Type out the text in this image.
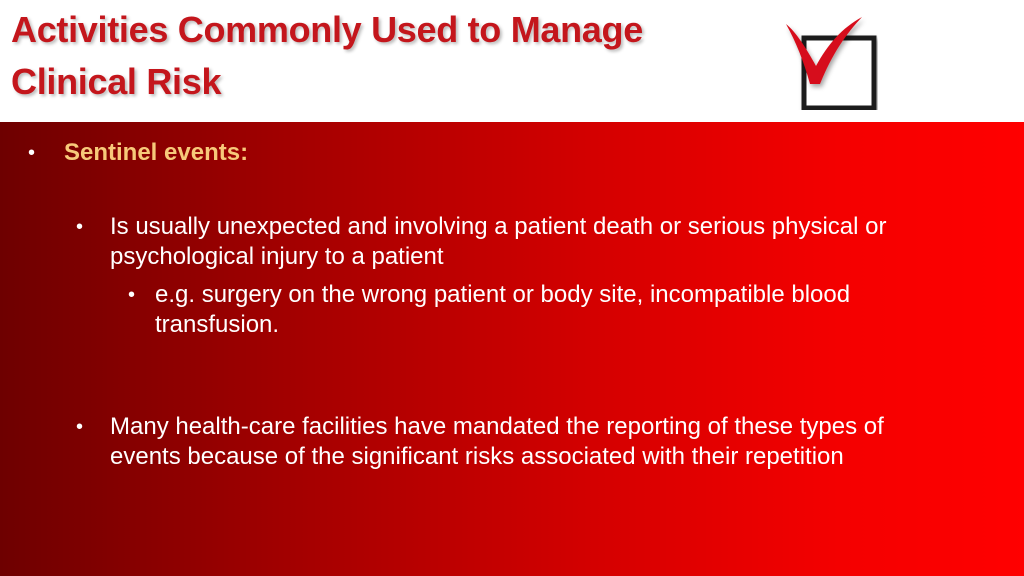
Activities Commonly Used to Manage Clinical Risk
•	Sentinel events:
•	Is usually unexpected and involving a patient death or serious physical or psychological injury to a patient
• e.g. surgery on the wrong patient or body site, incompatible blood transfusion.
•	Many health-care facilities have mandated the reporting of these types of events because of the significant risks associated with their repetition
